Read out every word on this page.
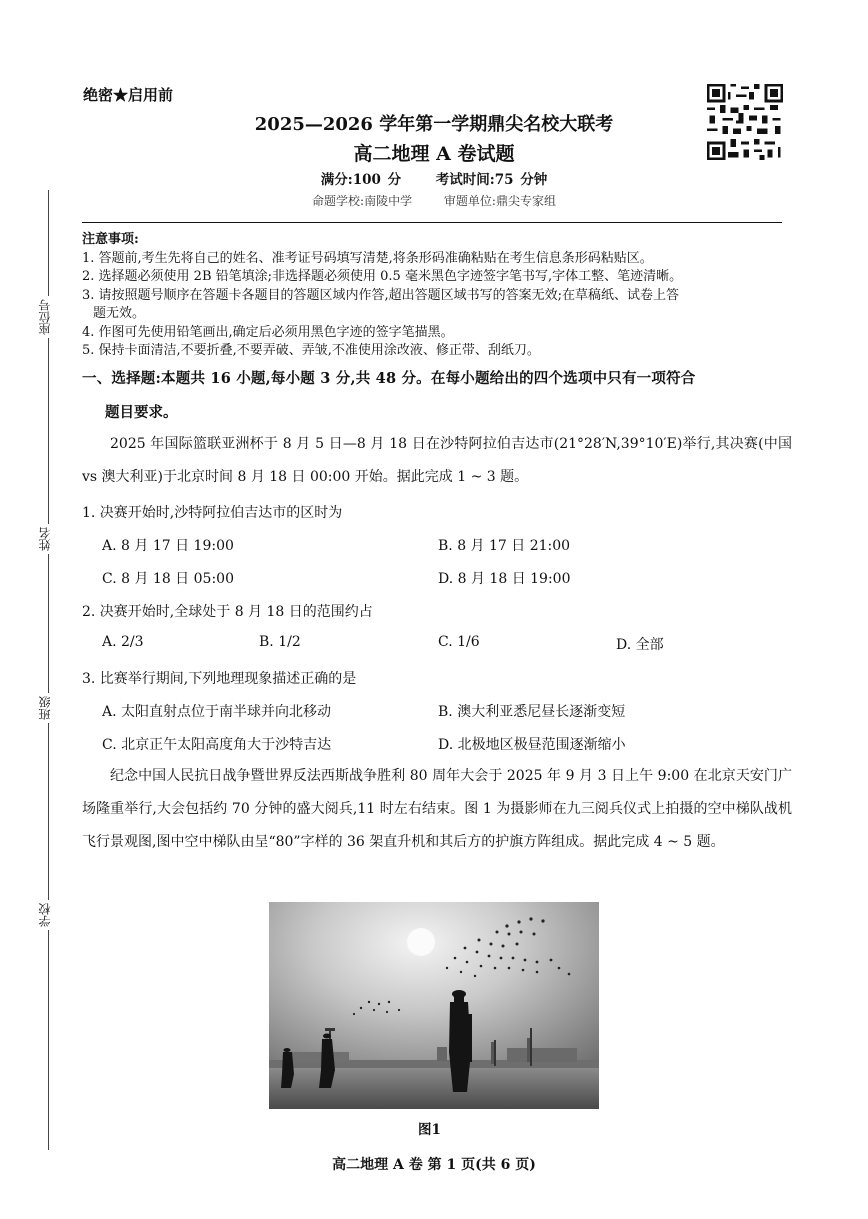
座位号
姓名
班级
学校
绝密★启用前
2025—2026 学年第一学期鼎尖名校大联考
高二地理 A 卷试题
满分:100 分	考试时间:75 分钟
命题学校:南陵中学	审题单位:鼎尖专家组
注意事项:
1. 答题前,考生先将自己的姓名、准考证号码填写清楚,将条形码准确粘贴在考生信息条形码粘贴区。
2. 选择题必须使用 2B 铅笔填涂;非选择题必须使用 0.5 毫米黑色字迹签字笔书写,字体工整、笔迹清晰。
3. 请按照题号顺序在答题卡各题目的答题区域内作答,超出答题区域书写的答案无效;在草稿纸、试卷上答
题无效。
4. 作图可先使用铅笔画出,确定后必须用黑色字迹的签字笔描黑。
5. 保持卡面清洁,不要折叠,不要弄破、弄皱,不准使用涂改液、修正带、刮纸刀。
一、选择题:本题共 16 小题,每小题 3 分,共 48 分。在每小题给出的四个选项中只有一项符合
题目要求。

2025 年国际篮联亚洲杯于 8 月 5 日—8 月 18 日在沙特阿拉伯吉达市(21°28′N,39°10′E)举行,其决赛(中国 vs 澳大利亚)于北京时间 8 月 18 日 00:00 开始。据此完成 1 ~ 3 题。

1. 决赛开始时,沙特阿拉伯吉达市的区时为
A. 8 月 17 日 19:00	B. 8 月 17 日 21:00
C. 8 月 18 日 05:00	D. 8 月 18 日 19:00
2. 决赛开始时,全球处于 8 月 18 日的范围约占
A. 2/3	B. 1/2	C. 1/6	D. 全部
3. 比赛举行期间,下列地理现象描述正确的是
A. 太阳直射点位于南半球并向北移动	B. 澳大利亚悉尼昼长逐渐变短
C. 北京正午太阳高度角大于沙特吉达	D. 北极地区极昼范围逐渐缩小

纪念中国人民抗日战争暨世界反法西斯战争胜利 80 周年大会于 2025 年 9 月 3 日上午 9:00 在北京天安门广场隆重举行,大会包括约 70 分钟的盛大阅兵,11 时左右结束。图 1 为摄影师在九三阅兵仪式上拍摄的空中梯队战机飞行景观图,图中空中梯队由呈“80”字样的 36 架直升机和其后方的护旗方阵组成。据此完成 4 ~ 5 题。

图1
高二地理 A 卷 第 1 页(共 6 页)
